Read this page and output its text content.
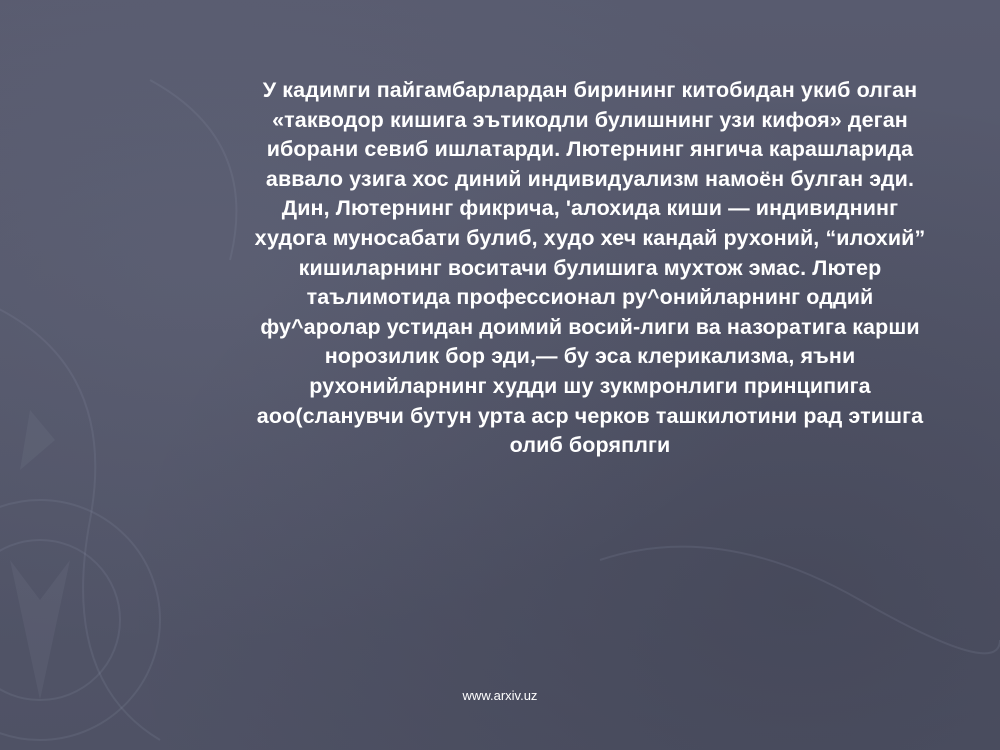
У кадимги пайгамбарлардан бирининг китобидан укиб олган
«такводор кишига эътикодли булишнинг узи кифоя» деган
иборани севиб ишлатарди. Лютернинг янгича карашларида
аввало узига хос диний индивидуализм намоён булган эди.
Дин, Лютернинг фикрича, 'алохида киши — индивиднинг
худога муносабати булиб, худо хеч кандай рухоний, “илохий”
кишиларнинг воситачи булишига мухтож эмас. Лютер
таълимотида профессионал ру^онийларнинг оддий
фу^аролар устидан доимий восий-лиги ва назоратига карши
норозилик бор эди,— бу эса клерикализма, яъни
рухонийларнинг худди шу зукмронлиги принципига
аоо(сланувчи бутун урта аср черков ташкилотини рад этишга
олиб боряплги

www.arxiv.uz
